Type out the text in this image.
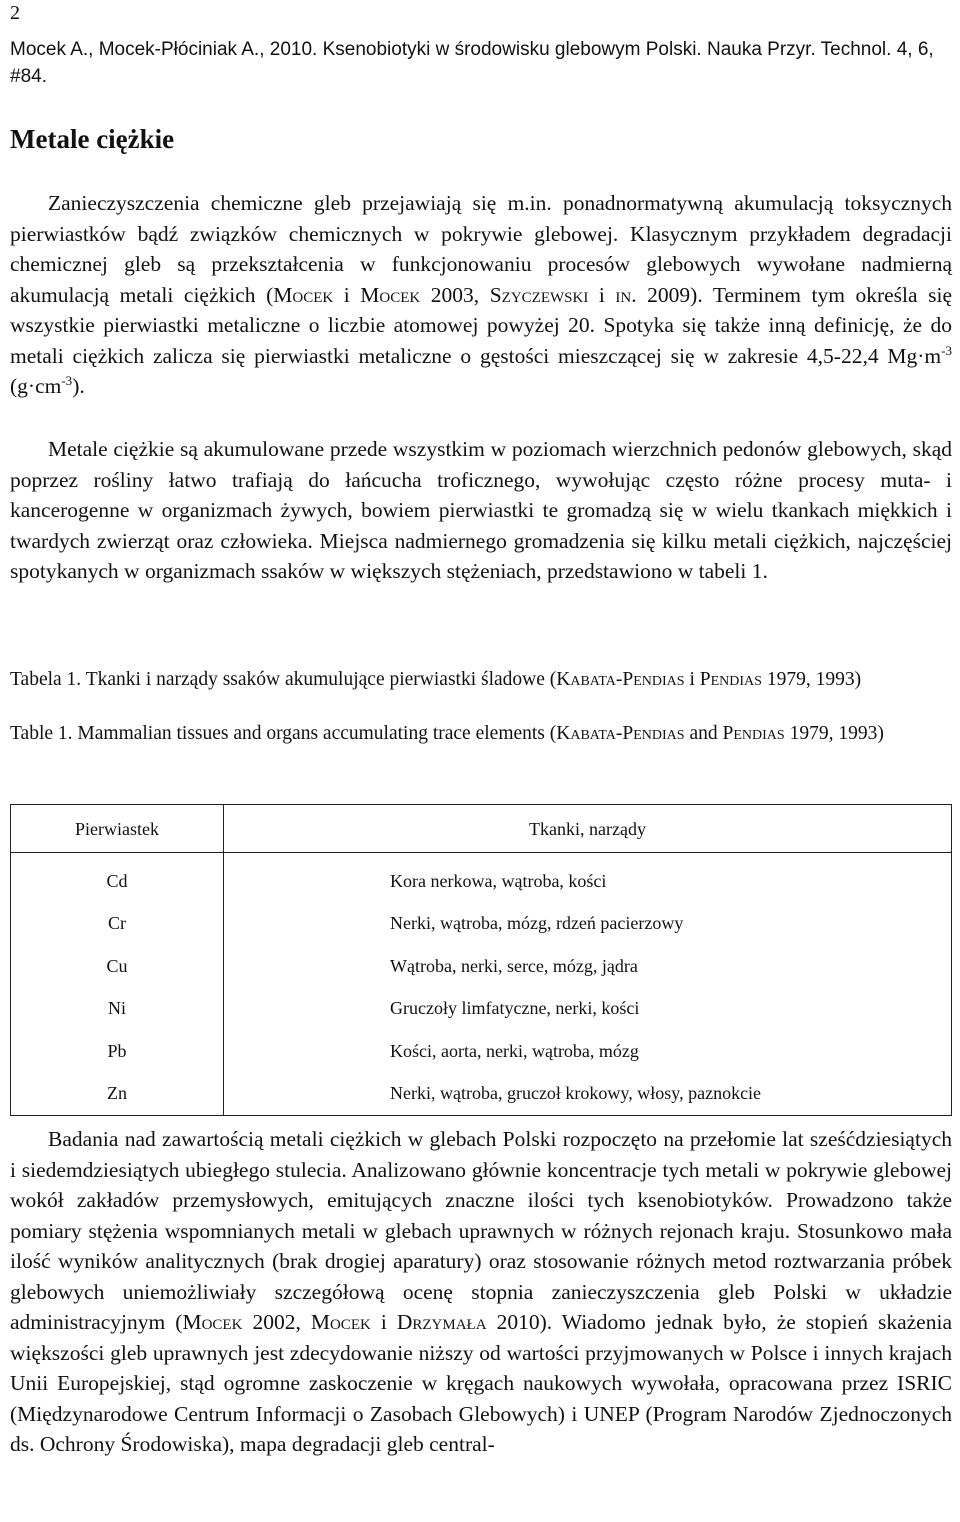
2
Mocek A., Mocek-Płóciniak A., 2010. Ksenobiotyki w środowisku glebowym Polski. Nauka Przyr. Technol. 4, 6, #84.
Metale ciężkie

Zanieczyszczenia chemiczne gleb przejawiają się m.in. ponadnormatywną akumulacją toksycznych pierwiastków bądź związków chemicznych w pokrywie glebowej. Klasycznym przykładem degradacji chemicznej gleb są przekształcenia w funkcjonowaniu procesów glebowych wywołane nadmierną akumulacją metali ciężkich (Mocek i Mocek 2003, Szyczewski i in. 2009). Terminem tym określa się wszystkie pierwiastki metaliczne o liczbie atomowej powyżej 20. Spotyka się także inną definicję, że do metali ciężkich zalicza się pierwiastki metaliczne o gęstości mieszczącej się w zakresie 4,5-22,4 $Mg\cdot m^{-3}$ $(g\cdot cm^{-3})$.

Metale ciężkie są akumulowane przede wszystkim w poziomach wierzchnich pedonów glebowych, skąd poprzez rośliny łatwo trafiają do łańcucha troficznego, wywołując często różne procesy muta- i kancerogenne w organizmach żywych, bowiem pierwiastki te gromadzą się w wielu tkankach miękkich i twardych zwierząt oraz człowieka. Miejsca nadmiernego gromadzenia się kilku metali ciężkich, najczęściej spotykanych w organizmach ssaków w większych stężeniach, przedstawiono w tabeli 1.

Tabela 1. Tkanki i narządy ssaków akumulujące pierwiastki śladowe (Kabata-Pendias i Pendias 1979, 1993)

Table 1. Mammalian tissues and organs accumulating trace elements (Kabata-Pendias and Pendias 1979, 1993)

Pierwiastek	Tkanki, narządy
Cd	Kora nerkowa, wątroba, kości
Cr	Nerki, wątroba, mózg, rdzeń pacierzowy
Cu	Wątroba, nerki, serce, mózg, jądra
Ni	Gruczoły limfatyczne, nerki, kości
Pb	Kości, aorta, nerki, wątroba, mózg
Zn	Nerki, wątroba, gruczoł krokowy, włosy, paznokcie

Badania nad zawartością metali ciężkich w glebach Polski rozpoczęto na przełomie lat sześćdziesiątych i siedemdziesiątych ubiegłego stulecia. Analizowano głównie koncentracje tych metali w pokrywie glebowej wokół zakładów przemysłowych, emitujących znaczne ilości tych ksenobiotyków. Prowadzono także pomiary stężenia wspomnianych metali w glebach uprawnych w różnych rejonach kraju. Stosunkowo mała ilość wyników analitycznych (brak drogiej aparatury) oraz stosowanie różnych metod roztwarzania próbek glebowych uniemożliwiały szczegółową ocenę stopnia zanieczyszczenia gleb Polski w układzie administracyjnym (Mocek 2002, Mocek i Drzymała 2010). Wiadomo jednak było, że stopień skażenia większości gleb uprawnych jest zdecydowanie niższy od wartości przyjmowanych w Polsce i innych krajach Unii Europejskiej, stąd ogromne zaskoczenie w kręgach naukowych wywołała, opracowana przez ISRIC (Międzynarodowe Centrum Informacji o Zasobach Glebowych) i UNEP (Program Narodów Zjednoczonych ds. Ochrony Środowiska), mapa degradacji gleb central-
